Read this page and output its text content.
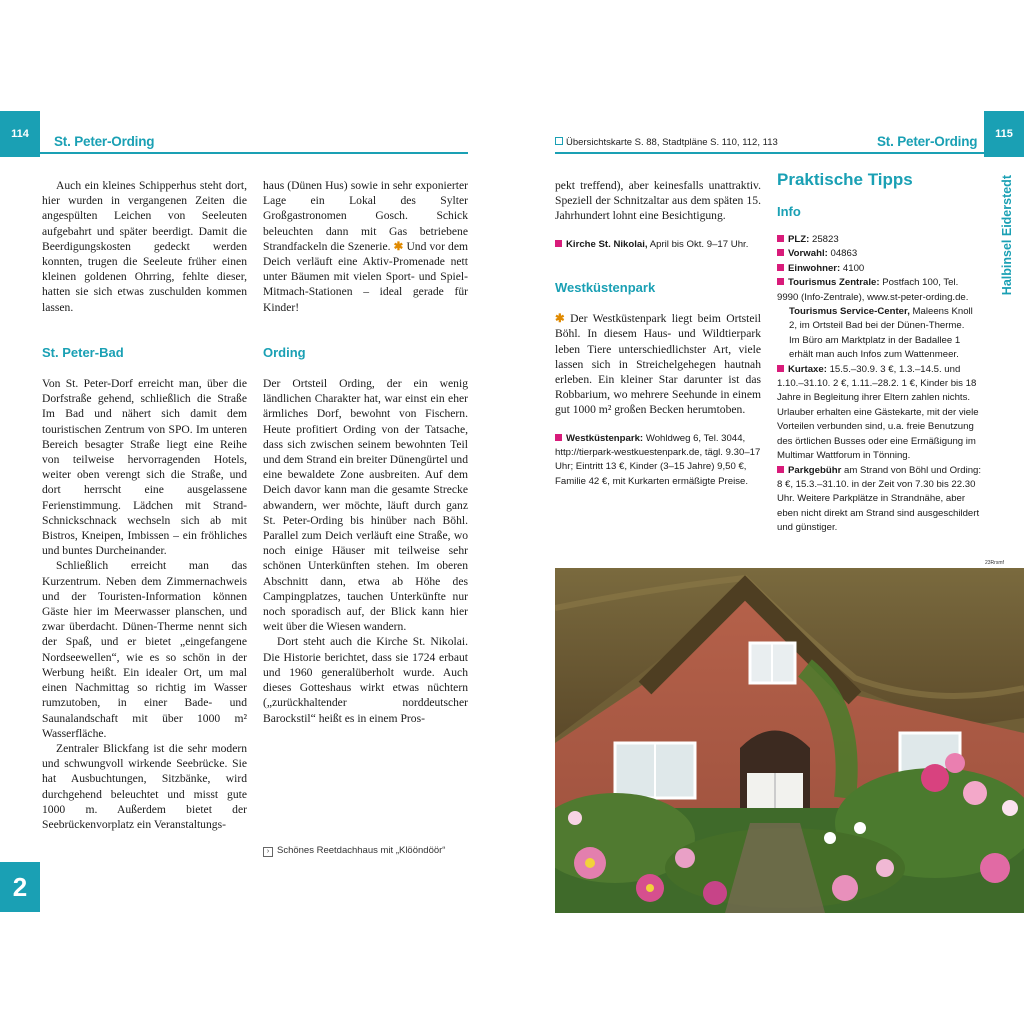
114	St. Peter-Ording

Auch ein kleines Schipperhus steht dort, hier wurden in vergangenen Zeiten die angespülten Leichen von Seeleuten aufgebahrt und später beerdigt. Damit die Beerdigungskosten gedeckt werden konnten, trugen die Seeleute früher einen kleinen goldenen Ohrring, fehlte dieser, hatten sie sich etwas zuschulden kommen lassen.

St. Peter-Bad

Von St. Peter-Dorf erreicht man, über die Dorfstraße gehend, schließlich die Straße Im Bad und nähert sich damit dem touristischen Zentrum von SPO. Im unteren Bereich besagter Straße liegt eine Reihe von teilweise hervorragenden Hotels, weiter oben verengt sich die Straße, und dort herrscht eine ausgelassene Ferienstimmung. Lädchen mit Strand-Schnickschnack wechseln sich ab mit Bistros, Kneipen, Imbissen – ein fröhliches und buntes Durcheinander.

Schließlich erreicht man das Kurzentrum. Neben dem Zimmernachweis und der Touristen-Information können Gäste hier im Meerwasser planschen, und zwar überdacht. Dünen-Therme nennt sich der Spaß, und er bietet „eingefangene Nordseewellen“, wie es so schön in der Werbung heißt. Ein idealer Ort, um mal einen Nachmittag so richtig im Wasser rumzutoben, in einer Bade- und Saunalandschaft mit über 1000 m² Wasserfläche.

Zentraler Blickfang ist die sehr modern und schwungvoll wirkende Seebrücke. Sie hat Ausbuchtungen, Sitzbänke, wird durchgehend beleuchtet und misst gute 1000 m. Außerdem bietet der Seebrückenvorplatz ein Veranstaltungs-

haus (Dünen Hus) sowie in sehr exponierter Lage ein Lokal des Sylter Großgastronomen Gosch. Schick beleuchten dann mit Gas betriebene Strandfackeln die Szenerie. ✱ Und vor dem Deich verläuft eine Aktiv-Promenade nett unter Bäumen mit vielen Sport- und Spiel-Mitmach-Stationen – ideal gerade für Kinder!

Ording

Der Ortsteil Ording, der ein wenig ländlichen Charakter hat, war einst ein eher ärmliches Dorf, bewohnt von Fischern. Heute profitiert Ording von der Tatsache, dass sich zwischen seinem bewohnten Teil und dem Strand ein breiter Dünengürtel und eine bewaldete Zone ausbreiten. Auf dem Deich davor kann man die gesamte Strecke abwandern, wer möchte, läuft durch ganz St. Peter-Ording bis hinüber nach Böhl. Parallel zum Deich verläuft eine Straße, wo noch einige Häuser mit teilweise sehr schönen Unterkünften stehen. Im oberen Abschnitt dann, etwa ab Höhe des Campingplatzes, tauchen Unterkünfte nur noch sporadisch auf, der Blick kann hier weit über die Wiesen wandern.

Dort steht auch die Kirche St. Nikolai. Die Historie berichtet, dass sie 1724 erbaut und 1960 generalüberholt wurde. Auch dieses Gotteshaus wirkt etwas nüchtern („zurückhaltender norddeutscher Barockstil“ heißt es in einem Pros-

› Schönes Reetdachhaus mit „Klööndöör“
2
Übersichtskarte S. 88, Stadtpläne S. 110, 112, 113	St. Peter-Ording	115
Halbinsel Eiderstedt

pekt treffend), aber keinesfalls unattraktiv. Speziell der Schnitzaltar aus dem späten 15. Jahrhundert lohnt eine Besichtigung.

Kirche St. Nikolai, April bis Okt. 9–17 Uhr.
Westküstenpark

✱ Der Westküstenpark liegt beim Ortsteil Böhl. In diesem Haus- und Wildtierpark leben Tiere unterschiedlichster Art, viele lassen sich in Streichelgehegen hautnah erleben. Ein kleiner Star darunter ist das Robbarium, wo mehrere Seehunde in einem gut 1000 m² großen Becken herumtoben.

Westküstenpark: Wohldweg 6, Tel. 3044, http://tierpark-westkuestenpark.de, tägl. 9.30–17 Uhr; Eintritt 13 €, Kinder (3–15 Jahre) 9,50 €, Familie 42 €, mit Kurkarten ermäßigte Preise.
Praktische Tipps
Info
PLZ: 25823
Vorwahl: 04863
Einwohner: 4100
Tourismus Zentrale: Postfach 100, Tel. 9990 (Info-Zentrale), www.st-peter-ording.de.
Tourismus Service-Center, Maleens Knoll 2, im Ortsteil Bad bei der Dünen-Therme.
Im Büro am Marktplatz in der Badallee 1 erhält man auch Infos zum Wattenmeer.
Kurtaxe: 15.5.–30.9. 3 €, 1.3.–14.5. und 1.10.–31.10. 2 €, 1.11.–28.2. 1 €, Kinder bis 18 Jahre in Begleitung ihrer Eltern zahlen nichts. Urlauber erhalten eine Gästekarte, mit der viele Vorteilen verbunden sind, u.a. freie Benutzung des örtlichen Busses oder eine Ermäßigung im Multimar Wattforum in Tönning.
Parkgebühr am Strand von Böhl und Ording: 8 €, 15.3.–31.10. in der Zeit von 7.30 bis 22.30 Uhr. Weitere Parkplätze in Strandnähe, aber eben nicht direkt am Strand sind ausgeschildert und günstiger.
23Rrsmf
